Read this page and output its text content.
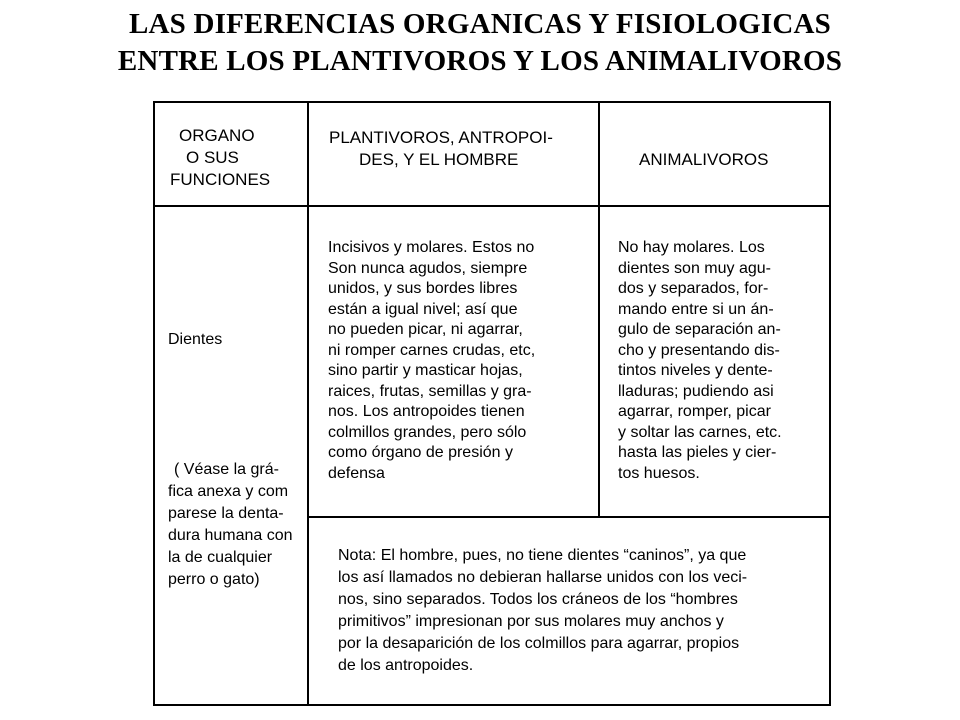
LAS DIFERENCIAS ORGANICAS Y FISIOLOGICAS
ENTRE LOS PLANTIVOROS Y LOS ANIMALIVOROS
ORGANO
O SUS
FUNCIONES
PLANTIVOROS, ANTROPOI-
DES, Y EL HOMBRE	ANIMALIVOROS
Dientes
( Véase la grá-
fica anexa y com
parese la denta-
dura humana con
la de cualquier
perro o gato)
Incisivos y molares. Estos no
Son nunca agudos, siempre
unidos, y sus bordes libres
están a igual nivel; así que
no pueden picar, ni agarrar,
ni romper carnes crudas, etc,
sino partir y masticar hojas,
raices, frutas, semillas y gra-
nos. Los antropoides tienen
colmillos grandes, pero sólo
como órgano de presión y
defensa
No hay molares. Los
dientes son muy agu-
dos y separados, for-
mando entre si un án-
gulo de separación an-
cho y presentando dis-
tintos niveles y dente-
lladuras; pudiendo asi
agarrar, romper, picar
y soltar las carnes, etc.
hasta las pieles y cier-
tos huesos.
Nota: El hombre, pues, no tiene dientes “caninos”, ya que
los así llamados no debieran hallarse unidos con los veci-
nos, sino separados. Todos los cráneos de los “hombres
primitivos” impresionan por sus molares muy anchos y
por la desaparición de los colmillos para agarrar, propios
de los antropoides.
